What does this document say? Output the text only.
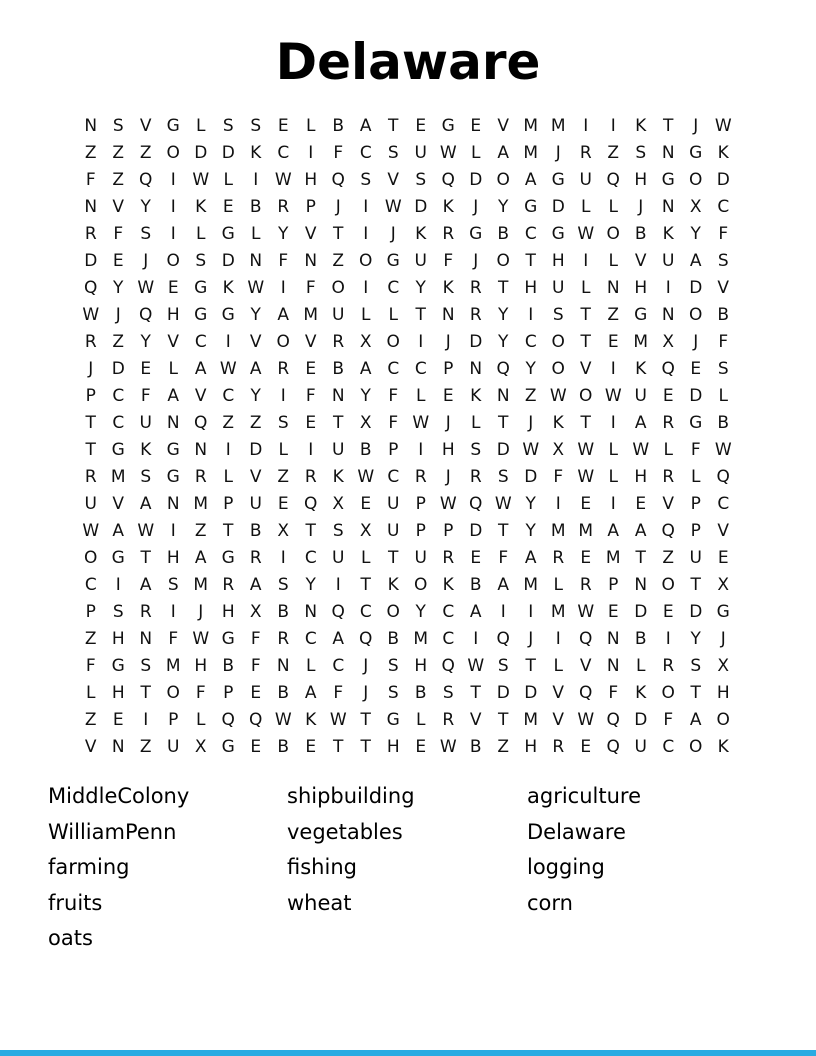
Delaware
N S V G L	S S E	L B A T E G E V M M	I	I	K T	J W
Z Z Z O D D K C	I	F C S U W L A M	J	R Z S N G K
F Z Q	I W L	I W H Q S V S Q D O A G U Q H G O D
N V Y	I	K E B R P	J	I W D K	J	Y G D L	L	J	N X C
R F	S	I	L G L	Y V T	I	J	K R G B C G W O B K Y	F
D E	J	O S D N F N Z O G U F	J	O T H	I	L V U A S
Q Y W E G K W I	F O	I	C Y K R T H U L N H	I	D V
W J	Q H G G Y A M U L	L	T N R Y	I	S T Z G N O B
R Z Y V C	I	V O V R X O	I	J	D Y C O T E M X	J	F
J	D E	L A W A R E B A C C P N Q Y O V	I	K Q E S
P C F A V C Y	I	F N Y	F	L	E K N Z W O W U E D L
T C U N Q Z Z S E T X F W J	L	T	J	K T	I	A R G B
T G K G N	I	D L	I	U B P	I	H S D W X W L W L	F W
R M S G R L V Z R K W C R	J	R S D F W L H R L Q
U V A N M P U E Q X E U P W Q W Y	I	E	I	E V P C
W A W I	Z T B X T S X U P	P D T	Y M M A A Q P V
O G T H A G R	I	C U L	T U R E	F A R E M T Z U E
C	I	A S M R A S Y	I	T K O K B A M L R P N O T X
P S R	I	J	H X B N Q C O Y C A	I	I	M W E D E D G
Z H N F W G F R C A Q B M C	I	Q	J	I	Q N B	I	Y	J
F G S M H B F N L C	J	S H Q W S T	L V N L R S X
L H T O F	P	E B A F	J	S B S T D D V Q F	K O T H
Z E	I	P	L Q Q W K W T G L R V T M V W Q D F A O
V N Z U X G E B E T	T H E W B Z H R E Q U C O K
MiddleColony
WilliamPenn
farming
fruits
oats
shipbuilding
vegetables
fishing
wheat
agriculture
Delaware
logging
corn
